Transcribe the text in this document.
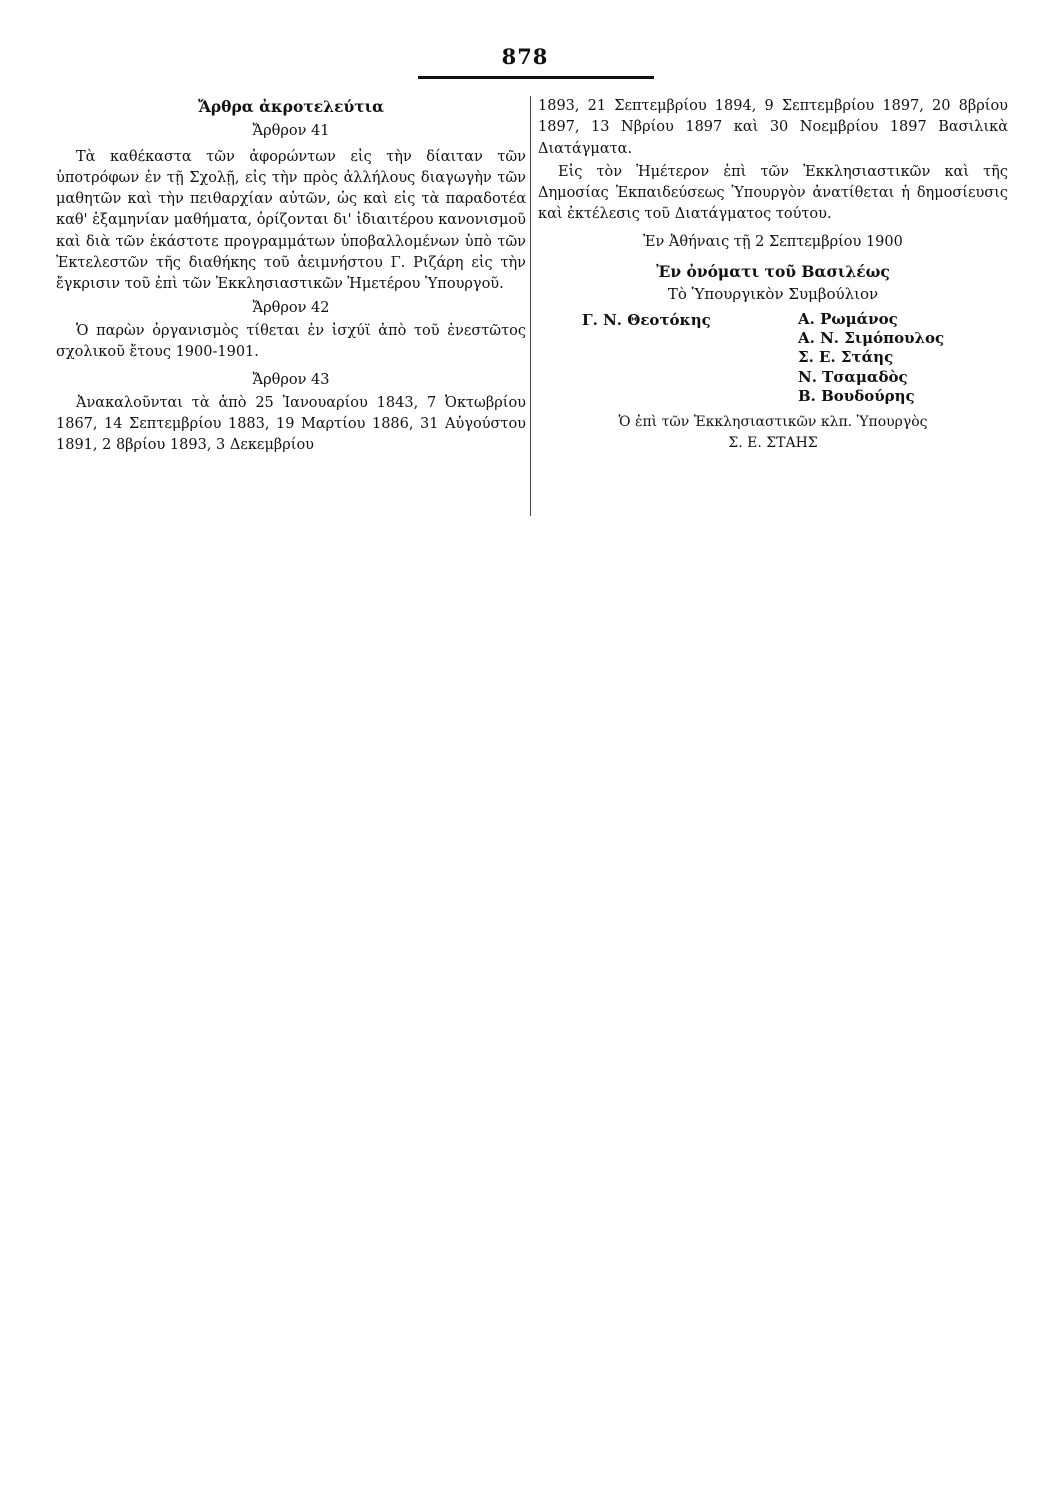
878

Ἄρθρα ἀκροτελεύτια

Ἄρθρον 41

Τὰ καθέκαστα τῶν ἀφορώντων εἰς τὴν δίαιταν τῶν ὑποτρόφων ἐν τῇ Σχολῇ, εἰς τὴν πρὸς ἀλλήλους διαγωγὴν τῶν μαθητῶν καὶ τὴν πειθαρχίαν αὐτῶν, ὡς καὶ εἰς τὰ παραδοτέα καθ' ἑξαμηνίαν μαθήματα, ὁρίζονται δι' ἰδιαιτέρου κανονισμοῦ καὶ διὰ τῶν ἑκάστοτε προγραμμάτων ὑποβαλλομένων ὑπὸ τῶν Ἐκτελεστῶν τῆς διαθήκης τοῦ ἀειμνήστου Γ. Ριζάρη εἰς τὴν ἔγκρισιν τοῦ ἐπὶ τῶν Ἐκκλησιαστικῶν Ἡμετέρου Ὑπουργοῦ.

Ἄρθρον 42

Ὁ παρὼν ὀργανισμὸς τίθεται ἐν ἰσχύϊ ἀπὸ τοῦ ἐνεστῶτος σχολικοῦ ἔτους 1900-1901.

Ἄρθρον 43

Ἀνακαλοῦνται τὰ ἀπὸ 25 Ἰανουαρίου 1843, 7 Ὀκτωβρίου 1867, 14 Σεπτεμβρίου 1883, 19 Μαρτίου 1886, 31 Αὐγούστου 1891, 2 8βρίου 1893, 3 Δεκεμβρίου

1893, 21 Σεπτεμβρίου 1894, 9 Σεπτεμβρίου 1897, 20 8βρίου 1897, 13 Νβρίου 1897 καὶ 30 Νοεμβρίου 1897 Βασιλικὰ Διατάγματα.

Εἰς τὸν Ἡμέτερον ἐπὶ τῶν Ἐκκλησιαστικῶν καὶ τῆς Δημοσίας Ἐκπαιδεύσεως Ὑπουργὸν ἀνατίθεται ἡ δημοσίευσις καὶ ἐκτέλεσις τοῦ Διατάγματος τούτου.

Ἐν Ἀθήναις τῇ 2 Σεπτεμβρίου 1900

Ἐν ὀνόματι τοῦ Βασιλέως

Τὸ Ὑπουργικὸν Συμβούλιον

Γ. Ν. Θεοτόκης	Α. Ρωμάνος
Α. Ν. Σιμόπουλος
Σ. Ε. Στάης
Ν. Τσαμαδὸς
Β. Βουδούρης

Ὁ ἐπὶ τῶν Ἐκκλησιαστικῶν κλπ. Ὑπουργὸς

Σ. Ε. ΣΤΑΗΣ
